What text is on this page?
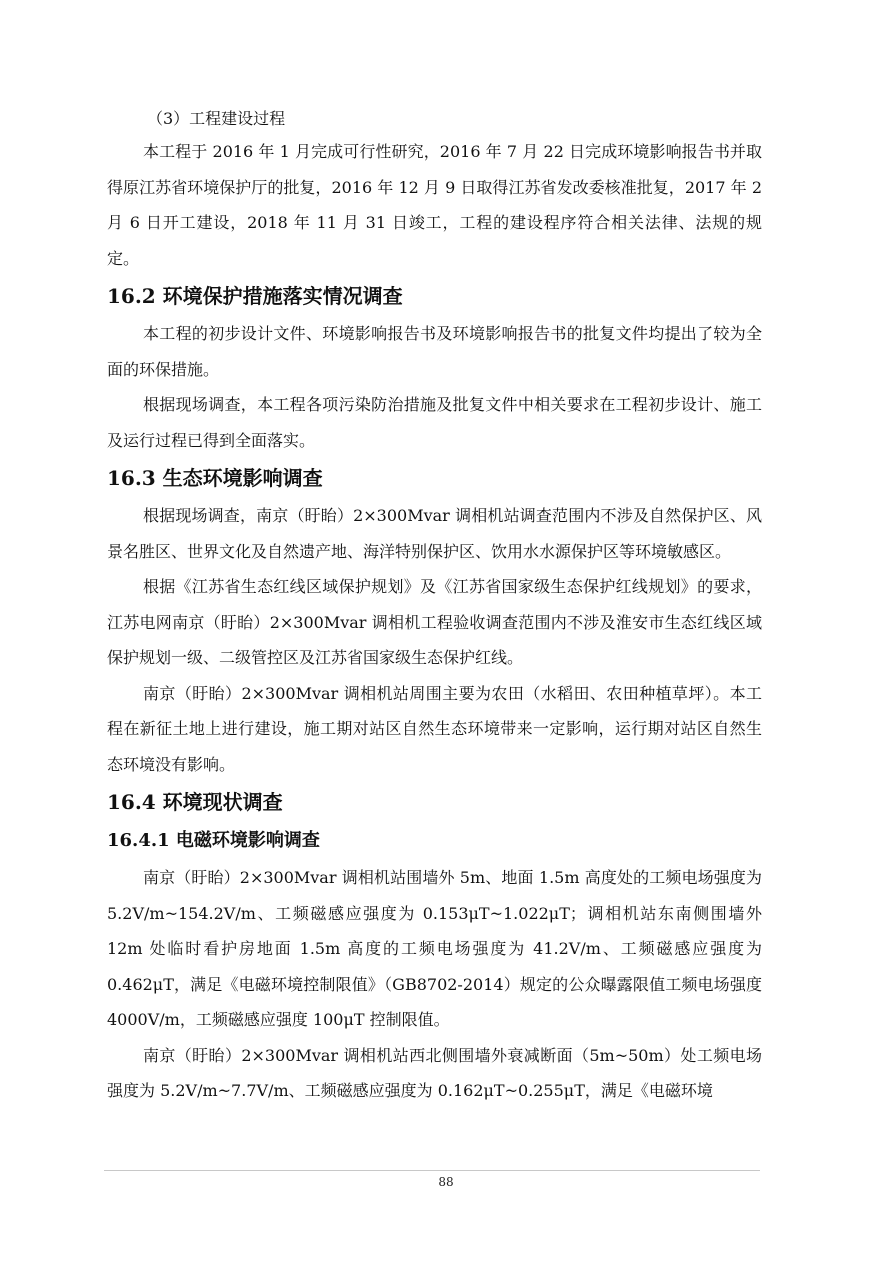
（3）工程建设过程

本工程于 2016 年 1 月完成可行性研究，2016 年 7 月 22 日完成环境影响报告书并取得原江苏省环境保护厅的批复，2016 年 12 月 9 日取得江苏省发改委核准批复，2017 年 2 月 6 日开工建设，2018 年 11 月 31 日竣工，工程的建设程序符合相关法律、法规的规定。

16.2 环境保护措施落实情况调查

本工程的初步设计文件、环境影响报告书及环境影响报告书的批复文件均提出了较为全面的环保措施。

根据现场调查，本工程各项污染防治措施及批复文件中相关要求在工程初步设计、施工及运行过程已得到全面落实。

16.3 生态环境影响调查

根据现场调查，南京（盱眙）2×300Mvar 调相机站调查范围内不涉及自然保护区、风景名胜区、世界文化及自然遗产地、海洋特别保护区、饮用水水源保护区等环境敏感区。

根据《江苏省生态红线区域保护规划》及《江苏省国家级生态保护红线规划》的要求，江苏电网南京（盱眙）2×300Mvar 调相机工程验收调查范围内不涉及淮安市生态红线区域保护规划一级、二级管控区及江苏省国家级生态保护红线。

南京（盱眙）2×300Mvar 调相机站周围主要为农田（水稻田、农田种植草坪）。本工程在新征土地上进行建设，施工期对站区自然生态环境带来一定影响，运行期对站区自然生态环境没有影响。

16.4 环境现状调查
16.4.1 电磁环境影响调查

南京（盱眙）2×300Mvar 调相机站围墙外 5m、地面 1.5m 高度处的工频电场强度为 5.2V/m~154.2V/m、工频磁感应强度为 0.153μT~1.022μT；调相机站东南侧围墙外 12m 处临时看护房地面 1.5m 高度的工频电场强度为 41.2V/m、工频磁感应强度为 0.462μT，满足《电磁环境控制限值》（GB8702-2014）规定的公众曝露限值工频电场强度 4000V/m，工频磁感应强度 100μT 控制限值。

南京（盱眙）2×300Mvar 调相机站西北侧围墙外衰减断面（5m~50m）处工频电场强度为 5.2V/m~7.7V/m、工频磁感应强度为 0.162μT~0.255μT，满足《电磁环境

88
